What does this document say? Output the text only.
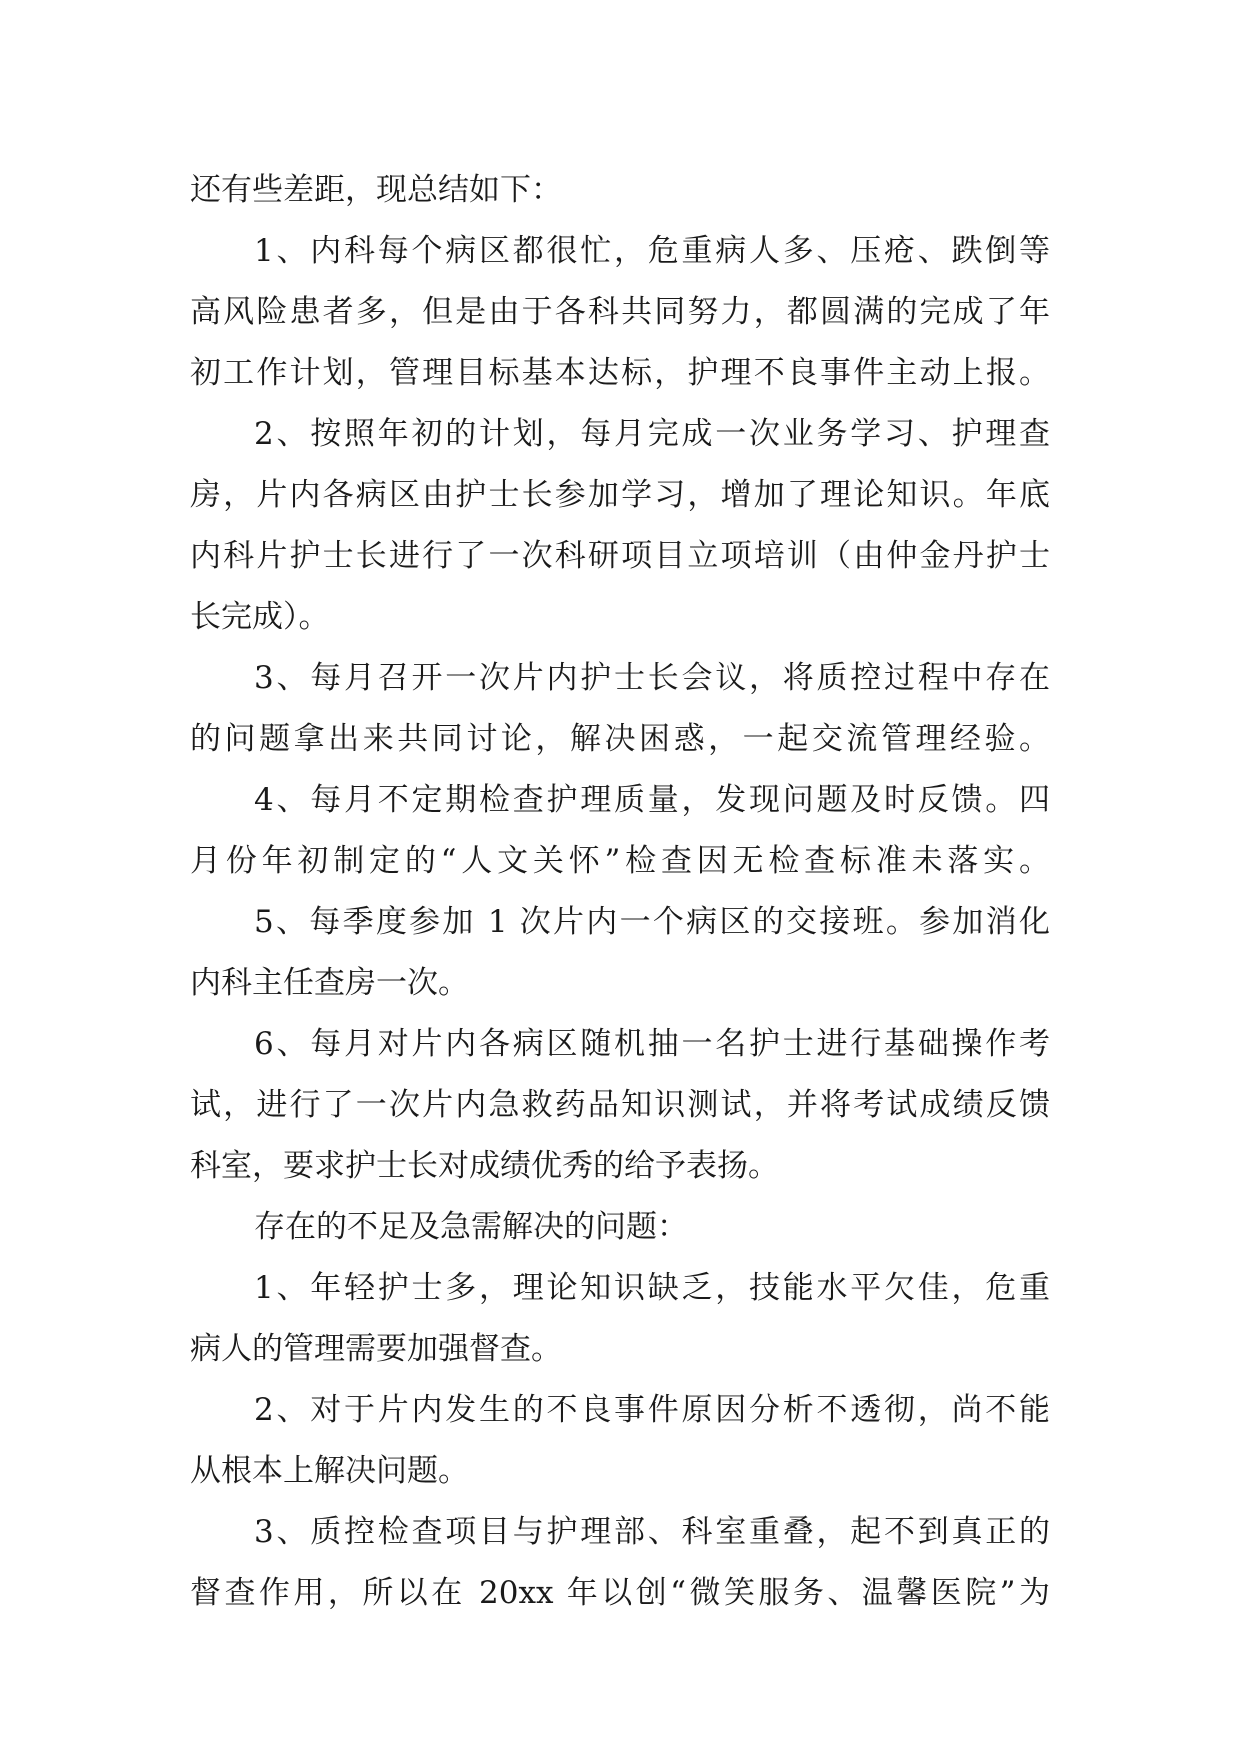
还有些差距，现总结如下：
1、内科每个病区都很忙，危重病人多、压疮、跌倒等
高风险患者多，但是由于各科共同努力，都圆满的完成了年
初工作计划，管理目标基本达标，护理不良事件主动上报。
2、按照年初的计划，每月完成一次业务学习、护理查
房，片内各病区由护士长参加学习，增加了理论知识。年底
内科片护士长进行了一次科研项目立项培训（由仲金丹护士
长完成）。
3、每月召开一次片内护士长会议，将质控过程中存在
的问题拿出来共同讨论，解决困惑，一起交流管理经验。
4、每月不定期检查护理质量，发现问题及时反馈。四
月份年初制定的“人文关怀”检查因无检查标准未落实。
5、每季度参加 1 次片内一个病区的交接班。参加消化
内科主任查房一次。
6、每月对片内各病区随机抽一名护士进行基础操作考
试，进行了一次片内急救药品知识测试，并将考试成绩反馈
科室，要求护士长对成绩优秀的给予表扬。
存在的不足及急需解决的问题：
1、年轻护士多，理论知识缺乏，技能水平欠佳，危重
病人的管理需要加强督查。
2、对于片内发生的不良事件原因分析不透彻，尚不能
从根本上解决问题。
3、质控检查项目与护理部、科室重叠，起不到真正的
督查作用，所以在 20xx 年以创“微笑服务、温馨医院”为
